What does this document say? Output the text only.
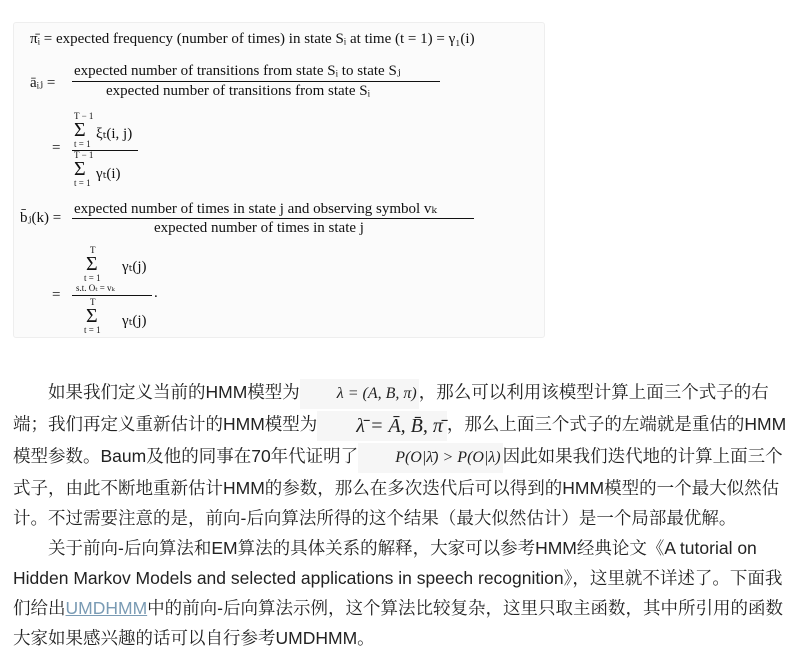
π̄ᵢ = expected frequency (number of times) in state Sᵢ at time (t = 1) = γ₁(i)
āᵢⱼ =
expected number of transitions from state Sᵢ to state Sⱼ
expected number of transitions from state Sᵢ
T − 1
Σ ξₜ(i, j)
t = 1
= T − 1
Σ γₜ(i)
t = 1
b̄ⱼ(k) =
expected number of times in state j and observing symbol vₖ
expected number of times in state j
T
Σ γₜ(j)
t = 1
s.t. Oₜ = vₖ
=	.
T
Σ γₜ(j)
t = 1

如果我们定义当前的HMM模型为 λ = (A, B, π) ，那么可以利用该模型计算上面三个式子的右端；我们再定义重新估计的HMM模型为 λ̄ = Ā, B̄, π̄ ，那么上面三个式子的左端就是重估的HMM模型参数。Baum及他的同事在70年代证明了 P(O|λ̄) > P(O|λ) 因此如果我们迭代地的计算上面三个式子，由此不断地重新估计HMM的参数，那么在多次迭代后可以得到的HMM模型的一个最大似然估计。不过需要注意的是，前向-后向算法所得的这个结果（最大似然估计）是一个局部最优解。

关于前向-后向算法和EM算法的具体关系的解释，大家可以参考HMM经典论文《A tutorial on Hidden Markov Models and selected applications in speech recognition》，这里就不详述了。下面我们给出UMDHMM中的前向-后向算法示例，这个算法比较复杂，这里只取主函数，其中所引用的函数大家如果感兴趣的话可以自行参考UMDHMM。
